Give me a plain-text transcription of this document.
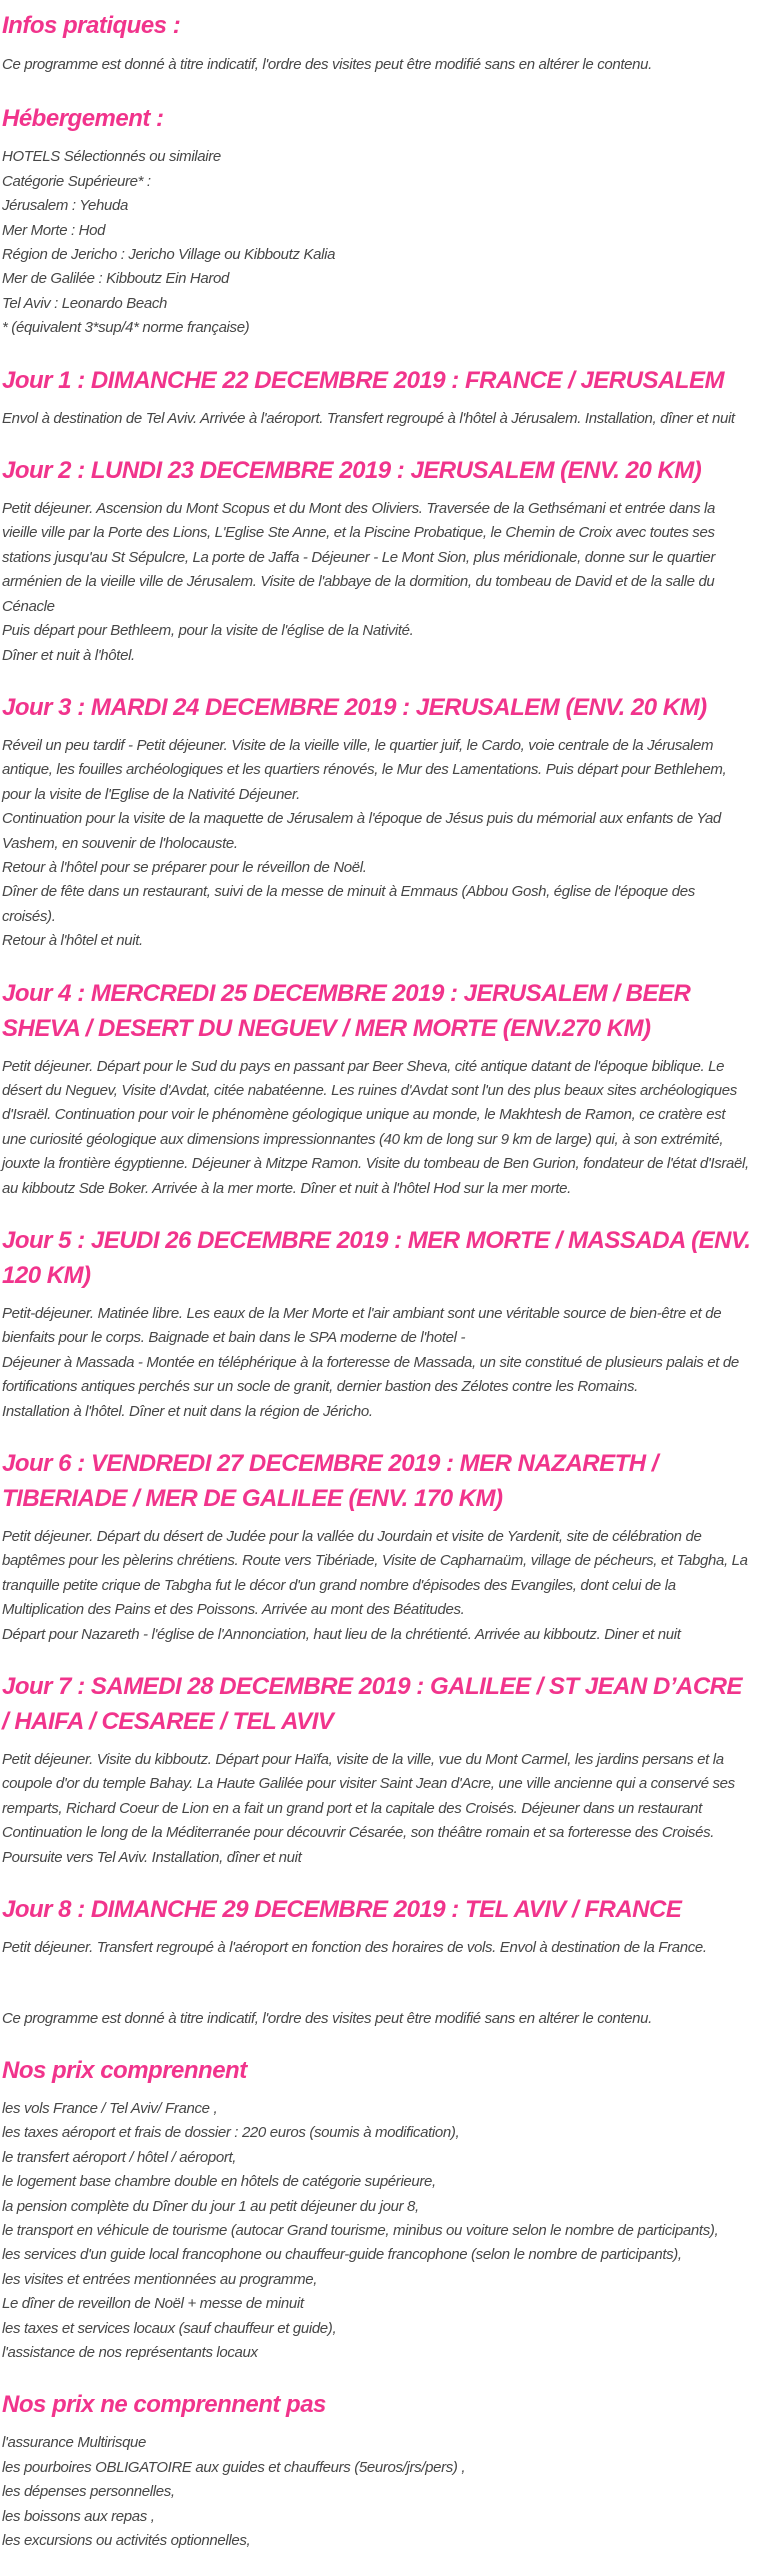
Infos pratiques :

Ce programme est donné à titre indicatif, l'ordre des visites peut être modifié sans en altérer le contenu.

Hébergement :
HOTELS Sélectionnés ou similaire
Catégorie Supérieure* :
Jérusalem : Yehuda
Mer Morte : Hod
Région de Jericho : Jericho Village ou Kibboutz Kalia
Mer de Galilée : Kibboutz Ein Harod
Tel Aviv : Leonardo Beach
* (équivalent 3*sup/4* norme française)
Jour 1 : DIMANCHE 22 DECEMBRE 2019 : FRANCE / JERUSALEM
Envol à destination de Tel Aviv. Arrivée à l'aéroport. Transfert regroupé à l'hôtel à Jérusalem. Installation, dîner et nuit
Jour 2 : LUNDI 23 DECEMBRE 2019 : JERUSALEM (ENV. 20 KM)
Petit déjeuner. Ascension du Mont Scopus et du Mont des Oliviers. Traversée de la Gethsémani et entrée dans la vieille ville par la Porte des Lions, L'Eglise Ste Anne, et la Piscine Probatique, le Chemin de Croix avec toutes ses stations jusqu'au St Sépulcre, La porte de Jaffa - Déjeuner - Le Mont Sion, plus méridionale, donne sur le quartier arménien de la vieille ville de Jérusalem. Visite de l'abbaye de la dormition, du tombeau de David et de la salle du Cénacle
Puis départ pour Bethleem, pour la visite de l'église de la Nativité.
Dîner et nuit à l'hôtel.
Jour 3 : MARDI 24 DECEMBRE 2019 : JERUSALEM (ENV. 20 KM)
Réveil un peu tardif - Petit déjeuner. Visite de la vieille ville, le quartier juif, le Cardo, voie centrale de la Jérusalem antique, les fouilles archéologiques et les quartiers rénovés, le Mur des Lamentations. Puis départ pour Bethlehem, pour la visite de l'Eglise de la Nativité Déjeuner.
Continuation pour la visite de la maquette de Jérusalem à l'époque de Jésus puis du mémorial aux enfants de Yad Vashem, en souvenir de l'holocauste.
Retour à l'hôtel pour se préparer pour le réveillon de Noël.
Dîner de fête dans un restaurant, suivi de la messe de minuit à Emmaus (Abbou Gosh, église de l'époque des croisés).
Retour à l'hôtel et nuit.
Jour 4 : MERCREDI 25 DECEMBRE 2019 : JERUSALEM / BEER SHEVA / DESERT DU NEGUEV / MER MORTE (ENV.270 KM)
Petit déjeuner. Départ pour le Sud du pays en passant par Beer Sheva, cité antique datant de l'époque biblique. Le désert du Neguev, Visite d'Avdat, citée nabatéenne. Les ruines d'Avdat sont l'un des plus beaux sites archéologiques d'Israël. Continuation pour voir le phénomène géologique unique au monde, le Makhtesh de Ramon, ce cratère est une curiosité géologique aux dimensions impressionnantes (40 km de long sur 9 km de large) qui, à son extrémité, jouxte la frontière égyptienne. Déjeuner à Mitzpe Ramon. Visite du tombeau de Ben Gurion, fondateur de l'état d'Israël, au kibboutz Sde Boker. Arrivée à la mer morte. Dîner et nuit à l'hôtel Hod sur la mer morte.
Jour 5 : JEUDI 26 DECEMBRE 2019 : MER MORTE / MASSADA (ENV. 120 KM)
Petit-déjeuner. Matinée libre. Les eaux de la Mer Morte et l'air ambiant sont une véritable source de bien-être et de bienfaits pour le corps. Baignade et bain dans le SPA moderne de l'hotel -
Déjeuner à Massada - Montée en téléphérique à la forteresse de Massada, un site constitué de plusieurs palais et de fortifications antiques perchés sur un socle de granit, dernier bastion des Zélotes contre les Romains.
Installation à l'hôtel. Dîner et nuit dans la région de Jéricho.
Jour 6 : VENDREDI 27 DECEMBRE 2019 : MER NAZARETH / TIBERIADE / MER DE GALILEE (ENV. 170 KM)
Petit déjeuner. Départ du désert de Judée pour la vallée du Jourdain et visite de Yardenit, site de célébration de baptêmes pour les pèlerins chrétiens. Route vers Tibériade, Visite de Capharnaüm, village de pécheurs, et Tabgha, La tranquille petite crique de Tabgha fut le décor d'un grand nombre d'épisodes des Evangiles, dont celui de la Multiplication des Pains et des Poissons. Arrivée au mont des Béatitudes.
Départ pour Nazareth - l'église de l'Annonciation, haut lieu de la chrétienté. Arrivée au kibboutz. Diner et nuit
Jour 7 : SAMEDI 28 DECEMBRE 2019 : GALILEE / ST JEAN D’ACRE / HAIFA / CESAREE / TEL AVIV
Petit déjeuner. Visite du kibboutz. Départ pour Haïfa, visite de la ville, vue du Mont Carmel, les jardins persans et la coupole d'or du temple Bahay. La Haute Galilée pour visiter Saint Jean d'Acre, une ville ancienne qui a conservé ses remparts, Richard Coeur de Lion en a fait un grand port et la capitale des Croisés. Déjeuner dans un restaurant
Continuation le long de la Méditerranée pour découvrir Césarée, son théâtre romain et sa forteresse des Croisés.
Poursuite vers Tel Aviv. Installation, dîner et nuit
Jour 8 : DIMANCHE 29 DECEMBRE 2019 : TEL AVIV / FRANCE
Petit déjeuner. Transfert regroupé à l'aéroport en fonction des horaires de vols. Envol à destination de la France.

Ce programme est donné à titre indicatif, l'ordre des visites peut être modifié sans en altérer le contenu.

Nos prix comprennent
les vols France / Tel Aviv/ France ,
les taxes aéroport et frais de dossier : 220 euros (soumis à modification),
le transfert aéroport / hôtel / aéroport,
le logement base chambre double en hôtels de catégorie supérieure,
la pension complète du Dîner du jour 1 au petit déjeuner du jour 8,
le transport en véhicule de tourisme (autocar Grand tourisme, minibus ou voiture selon le nombre de participants),
les services d'un guide local francophone ou chauffeur-guide francophone (selon le nombre de participants),
les visites et entrées mentionnées au programme,
Le dîner de reveillon de Noël + messe de minuit
les taxes et services locaux (sauf chauffeur et guide),
l'assistance de nos représentants locaux
Nos prix ne comprennent pas
l'assurance Multirisque
les pourboires OBLIGATOIRE aux guides et chauffeurs (5euros/jrs/pers) ,
les dépenses personnelles,
les boissons aux repas ,
les excursions ou activités optionnelles,
